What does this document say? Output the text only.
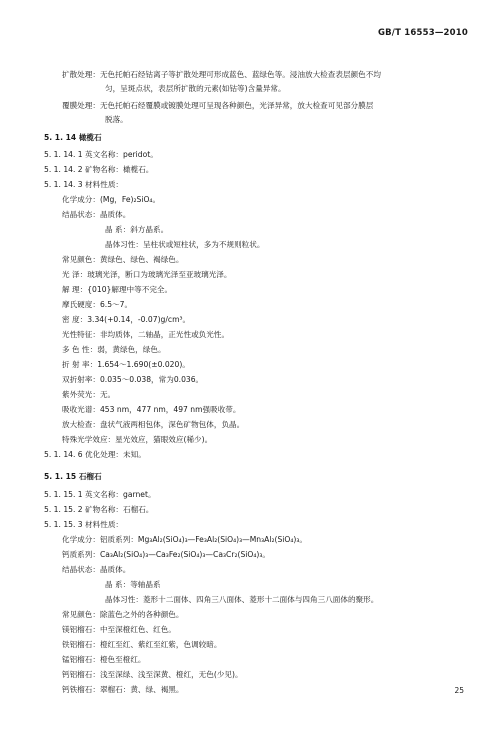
GB/T 16553—2010
扩散处理：无色托帕石经钴离子等扩散处理可形成蓝色、蓝绿色等。浸油放大检查表层颜色不均
匀，呈斑点状，表层所扩散的元素(如钴等)含量异常。
覆膜处理：无色托帕石经覆膜或镀膜处理可呈现各种颜色，光泽异常，放大检查可见部分膜层
脱落。
5. 1. 14 橄榄石
5. 1. 14. 1 英文名称：peridot。
5. 1. 14. 2 矿物名称：橄榄石。
5. 1. 14. 3 材料性质：
化学成分：(Mg，Fe)₂SiO₄。
结晶状态：晶质体。
晶 系：斜方晶系。
晶体习性：呈柱状或短柱状，多为不规则粒状。
常见颜色：黄绿色、绿色、褐绿色。
光 泽：玻璃光泽，断口为玻璃光泽至亚玻璃光泽。
解 理：{010}解理中等不完全。
摩氏硬度：6.5～7。
密 度：3.34(+0.14，-0.07)g/cm³。
光性特征：非均质体，二轴晶，正光性或负光性。
多 色 性：弱，黄绿色，绿色。
折 射 率：1.654～1.690(±0.020)。
双折射率：0.035～0.038，常为0.036。
紫外荧光：无。
吸收光谱：453 nm，477 nm，497 nm强吸收带。
放大检查：盘状气液两相包体，深色矿物包体，负晶。
特殊光学效应：星光效应，猫眼效应(稀少)。
5. 1. 14. 6 优化处理：未知。
5. 1. 15 石榴石
5. 1. 15. 1 英文名称：garnet。
5. 1. 15. 2 矿物名称：石榴石。
5. 1. 15. 3 材料性质：
化学成分：铝质系列：Mg₃Al₂(SiO₄)₃—Fe₃Al₂(SiO₄)₃—Mn₃Al₂(SiO₄)₃。
钙质系列：Ca₃Al₂(SiO₄)₃—Ca₃Fe₂(SiO₄)₃—Ca₃Cr₂(SiO₄)₃。
结晶状态：晶质体。
晶 系：等轴晶系
晶体习性：菱形十二面体、四角三八面体、菱形十二面体与四角三八面体的聚形。
常见颜色：除蓝色之外的各种颜色。
镁铝榴石：中至深橙红色、红色。
铁铝榴石：橙红至红、紫红至红紫，色调较暗。
锰铝榴石：橙色至橙红。
钙铝榴石：浅至深绿、浅至深黄、橙红，无色(少见)。
钙铁榴石：翠榴石：黄、绿、褐黑。	25
